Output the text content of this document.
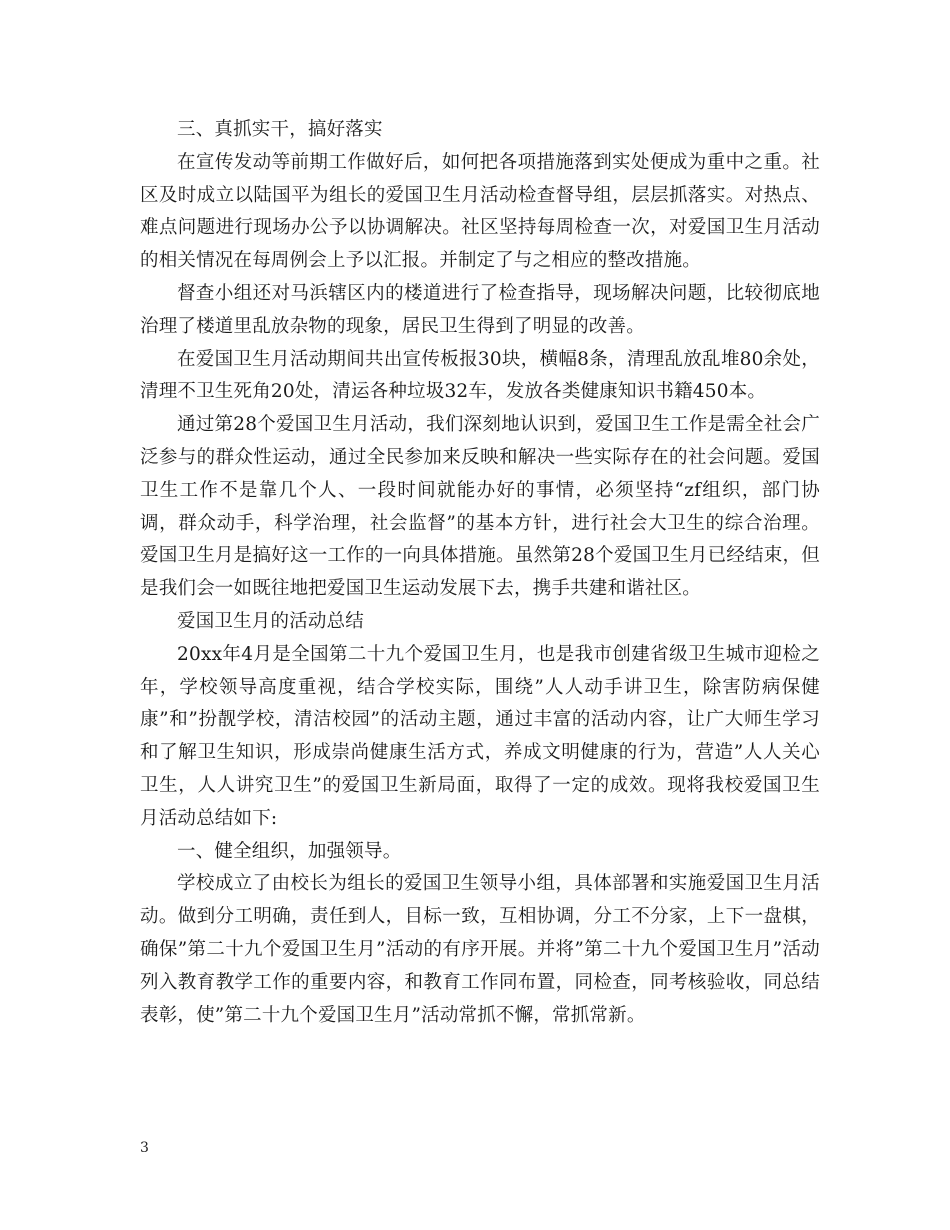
三、真抓实干，搞好落实

在宣传发动等前期工作做好后，如何把各项措施落到实处便成为重中之重。社区及时成立以陆国平为组长的爱国卫生月活动检查督导组，层层抓落实。对热点、难点问题进行现场办公予以协调解决。社区坚持每周检查一次，对爱国卫生月活动的相关情况在每周例会上予以汇报。并制定了与之相应的整改措施。

督查小组还对马浜辖区内的楼道进行了检查指导，现场解决问题，比较彻底地治理了楼道里乱放杂物的现象，居民卫生得到了明显的改善。

在爱国卫生月活动期间共出宣传板报30块，横幅8条，清理乱放乱堆80余处，清理不卫生死角20处，清运各种垃圾32车，发放各类健康知识书籍450本。

通过第28个爱国卫生月活动，我们深刻地认识到，爱国卫生工作是需全社会广泛参与的群众性运动，通过全民参加来反映和解决一些实际存在的社会问题。爱国卫生工作不是靠几个人、一段时间就能办好的事情，必须坚持“zf组织，部门协调，群众动手，科学治理，社会监督”的基本方针，进行社会大卫生的综合治理。爱国卫生月是搞好这一工作的一向具体措施。虽然第28个爱国卫生月已经结束，但是我们会一如既往地把爱国卫生运动发展下去，携手共建和谐社区。

爱国卫生月的活动总结

20xx年4月是全国第二十九个爱国卫生月，也是我市创建省级卫生城市迎检之年，学校领导高度重视，结合学校实际，围绕”人人动手讲卫生，除害防病保健康”和”扮靓学校，清洁校园”的活动主题，通过丰富的活动内容，让广大师生学习和了解卫生知识，形成崇尚健康生活方式，养成文明健康的行为，营造”人人关心卫生，人人讲究卫生”的爱国卫生新局面，取得了一定的成效。现将我校爱国卫生月活动总结如下:

一、健全组织，加强领导。

学校成立了由校长为组长的爱国卫生领导小组，具体部署和实施爱国卫生月活动。做到分工明确，责任到人，目标一致，互相协调，分工不分家，上下一盘棋，确保”第二十九个爱国卫生月”活动的有序开展。并将”第二十九个爱国卫生月”活动列入教育教学工作的重要内容，和教育工作同布置，同检查，同考核验收，同总结表彰，使”第二十九个爱国卫生月”活动常抓不懈，常抓常新。

3
